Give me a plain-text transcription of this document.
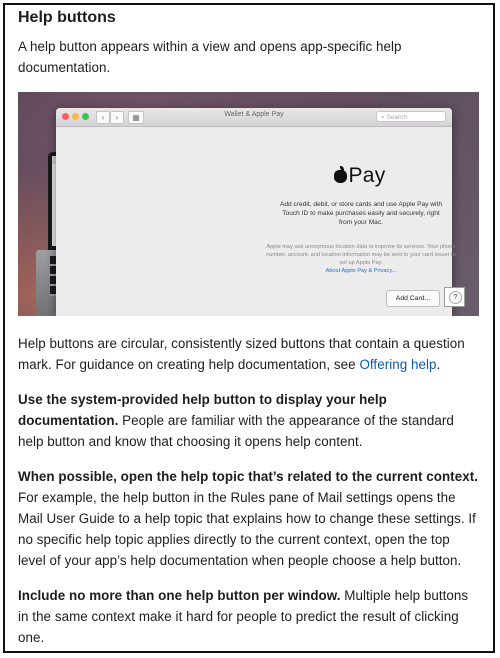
Help buttons

A help button appears within a view and opens app-specific help documentation.

‹	›	▦	Wallet & Apple Pay	⌕ Search
Pay
Add credit, debit, or store cards and use Apple Pay with Touch ID to make purchases easily and securely, right from your Mac.
Apple may use anonymous location data to improve its services. Your phone number, account, and location information may be sent to your card issuer to set up Apple Pay.
About Apple Pay & Privacy...
Add Card...	?

Help buttons are circular, consistently sized buttons that contain a question mark. For guidance on creating help documentation, see Offering help.

Use the system-provided help button to display your help documentation. People are familiar with the appearance of the standard help button and know that choosing it opens help content.

When possible, open the help topic that’s related to the current context. For example, the help button in the Rules pane of Mail settings opens the Mail User Guide to a help topic that explains how to change these settings. If no specific help topic applies directly to the current context, open the top level of your app’s help documentation when people choose a help button.

Include no more than one help button per window. Multiple help buttons in the same context make it hard for people to predict the result of clicking one.
